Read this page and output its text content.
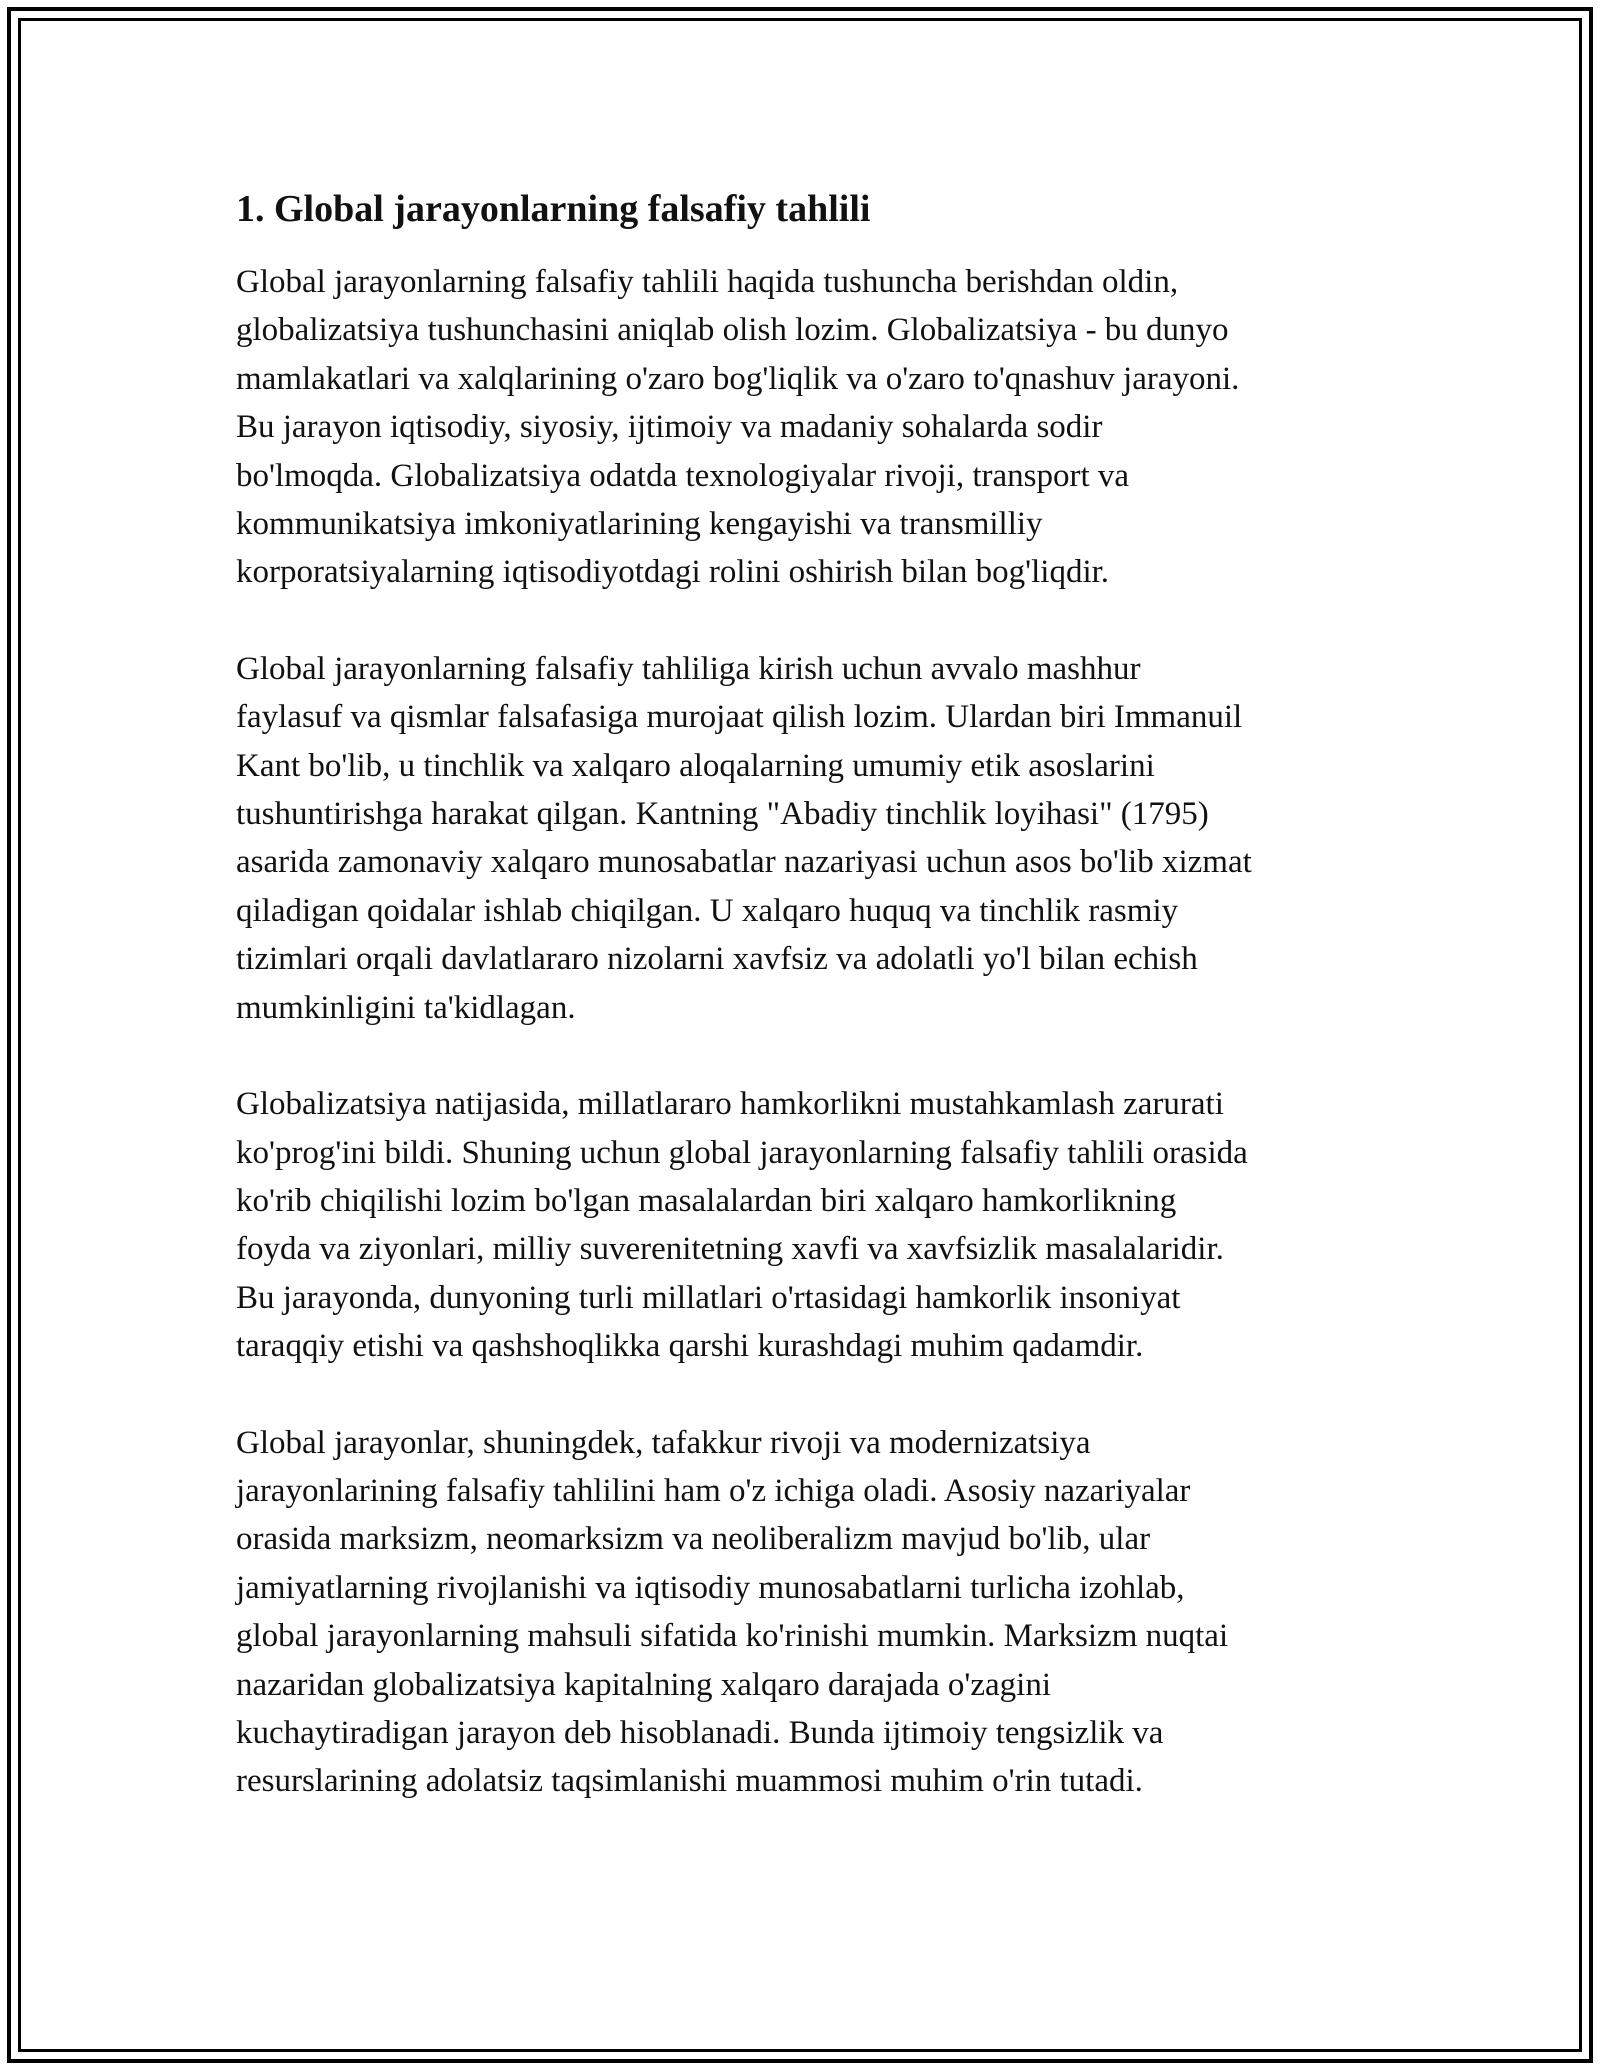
1. Global jarayonlarning falsafiy tahlili

Global jarayonlarning falsafiy tahlili haqida tushuncha berishdan oldin,
globalizatsiya tushunchasini aniqlab olish lozim. Globalizatsiya - bu dunyo
mamlakatlari va xalqlarining o'zaro bog'liqlik va o'zaro to'qnashuv jarayoni.
Bu jarayon iqtisodiy, siyosiy, ijtimoiy va madaniy sohalarda sodir
bo'lmoqda. Globalizatsiya odatda texnologiyalar rivoji, transport va
kommunikatsiya imkoniyatlarining kengayishi va transmilliy
korporatsiyalarning iqtisodiyotdagi rolini oshirish bilan bog'liqdir.

Global jarayonlarning falsafiy tahliliga kirish uchun avvalo mashhur
faylasuf va qismlar falsafasiga murojaat qilish lozim. Ulardan biri Immanuil
Kant bo'lib, u tinchlik va xalqaro aloqalarning umumiy etik asoslarini
tushuntirishga harakat qilgan. Kantning "Abadiy tinchlik loyihasi" (1795)
asarida zamonaviy xalqaro munosabatlar nazariyasi uchun asos bo'lib xizmat
qiladigan qoidalar ishlab chiqilgan. U xalqaro huquq va tinchlik rasmiy
tizimlari orqali davlatlararo nizolarni xavfsiz va adolatli yo'l bilan echish
mumkinligini ta'kidlagan.

Globalizatsiya natijasida, millatlararo hamkorlikni mustahkamlash zarurati
ko'prog'ini bildi. Shuning uchun global jarayonlarning falsafiy tahlili orasida
ko'rib chiqilishi lozim bo'lgan masalalardan biri xalqaro hamkorlikning
foyda va ziyonlari, milliy suverenitetning xavfi va xavfsizlik masalalaridir.
Bu jarayonda, dunyoning turli millatlari o'rtasidagi hamkorlik insoniyat
taraqqiy etishi va qashshoqlikka qarshi kurashdagi muhim qadamdir.

Global jarayonlar, shuningdek, tafakkur rivoji va modernizatsiya
jarayonlarining falsafiy tahlilini ham o'z ichiga oladi. Asosiy nazariyalar
orasida marksizm, neomarksizm va neoliberalizm mavjud bo'lib, ular
jamiyatlarning rivojlanishi va iqtisodiy munosabatlarni turlicha izohlab,
global jarayonlarning mahsuli sifatida ko'rinishi mumkin. Marksizm nuqtai
nazaridan globalizatsiya kapitalning xalqaro darajada o'zagini
kuchaytiradigan jarayon deb hisoblanadi. Bunda ijtimoiy tengsizlik va
resurslarining adolatsiz taqsimlanishi muammosi muhim o'rin tutadi.
